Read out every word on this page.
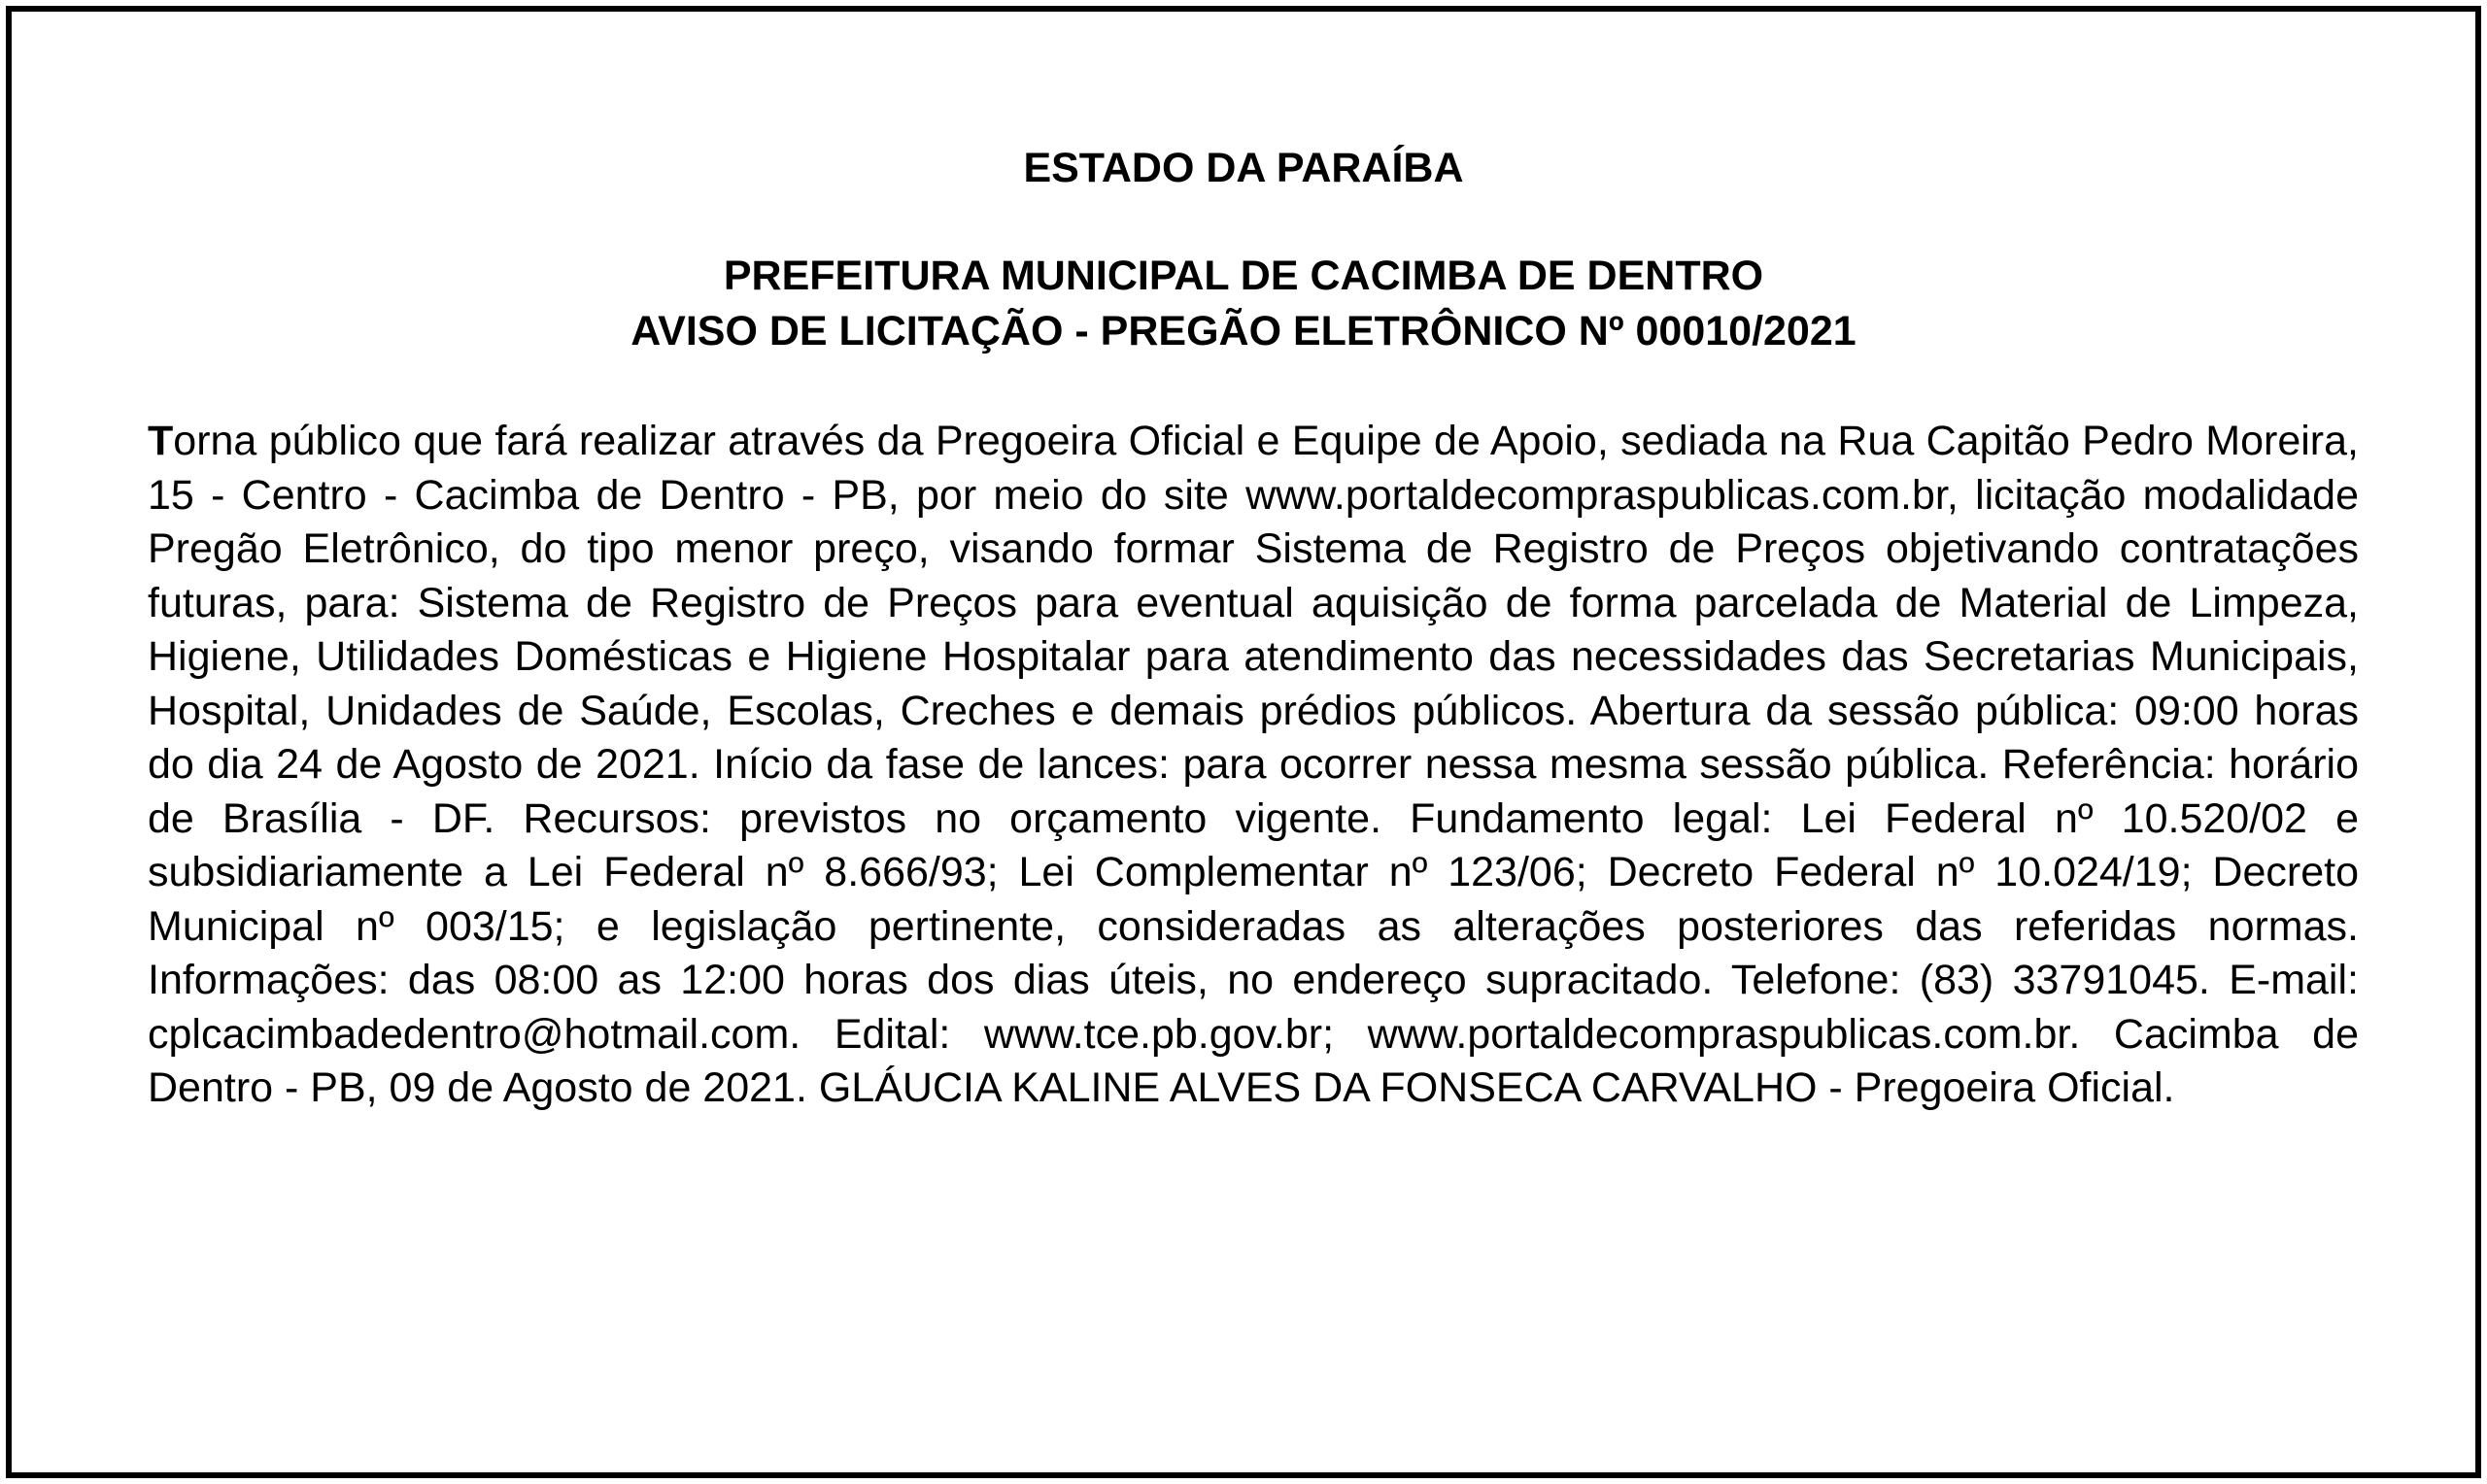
ESTADO DA PARAÍBA
PREFEITURA MUNICIPAL DE CACIMBA DE DENTRO
AVISO DE LICITAÇÃO - PREGÃO ELETRÔNICO Nº 00010/2021
Torna público que fará realizar através da Pregoeira Oficial e Equipe de Apoio, sediada na Rua Capitão Pedro Moreira, 15 - Centro - Cacimba de Dentro - PB, por meio do site www.portaldecompraspublicas.com.br, licitação modalidade Pregão Eletrônico, do tipo menor preço, visando formar Sistema de Registro de Preços objetivando contratações futuras, para: Sistema de Registro de Preços para eventual aquisição de forma parcelada de Material de Limpeza, Higiene, Utilidades Domésticas e Higiene Hospitalar para atendimento das necessidades das Secretarias Municipais, Hospital, Unidades de Saúde, Escolas, Creches e demais prédios públicos. Abertura da sessão pública: 09:00 horas do dia 24 de Agosto de 2021. Início da fase de lances: para ocorrer nessa mesma sessão pública. Referência: horário de Brasília - DF. Recursos: previstos no orçamento vigente. Fundamento legal: Lei Federal nº 10.520/02 e subsidiariamente a Lei Federal nº 8.666/93; Lei Complementar nº 123/06; Decreto Federal nº 10.024/19; Decreto Municipal nº 003/15; e legislação pertinente, consideradas as alterações posteriores das referidas normas. Informações: das 08:00 as 12:00 horas dos dias úteis, no endereço supracitado. Telefone: (83) 33791045. E-mail: cplcacimbadedentro@hotmail.com. Edital: www.tce.pb.gov.br; www.portaldecompraspublicas.com.br. Cacimba de Dentro - PB, 09 de Agosto de 2021. GLÁUCIA KALINE ALVES DA FONSECA CARVALHO - Pregoeira Oficial.
